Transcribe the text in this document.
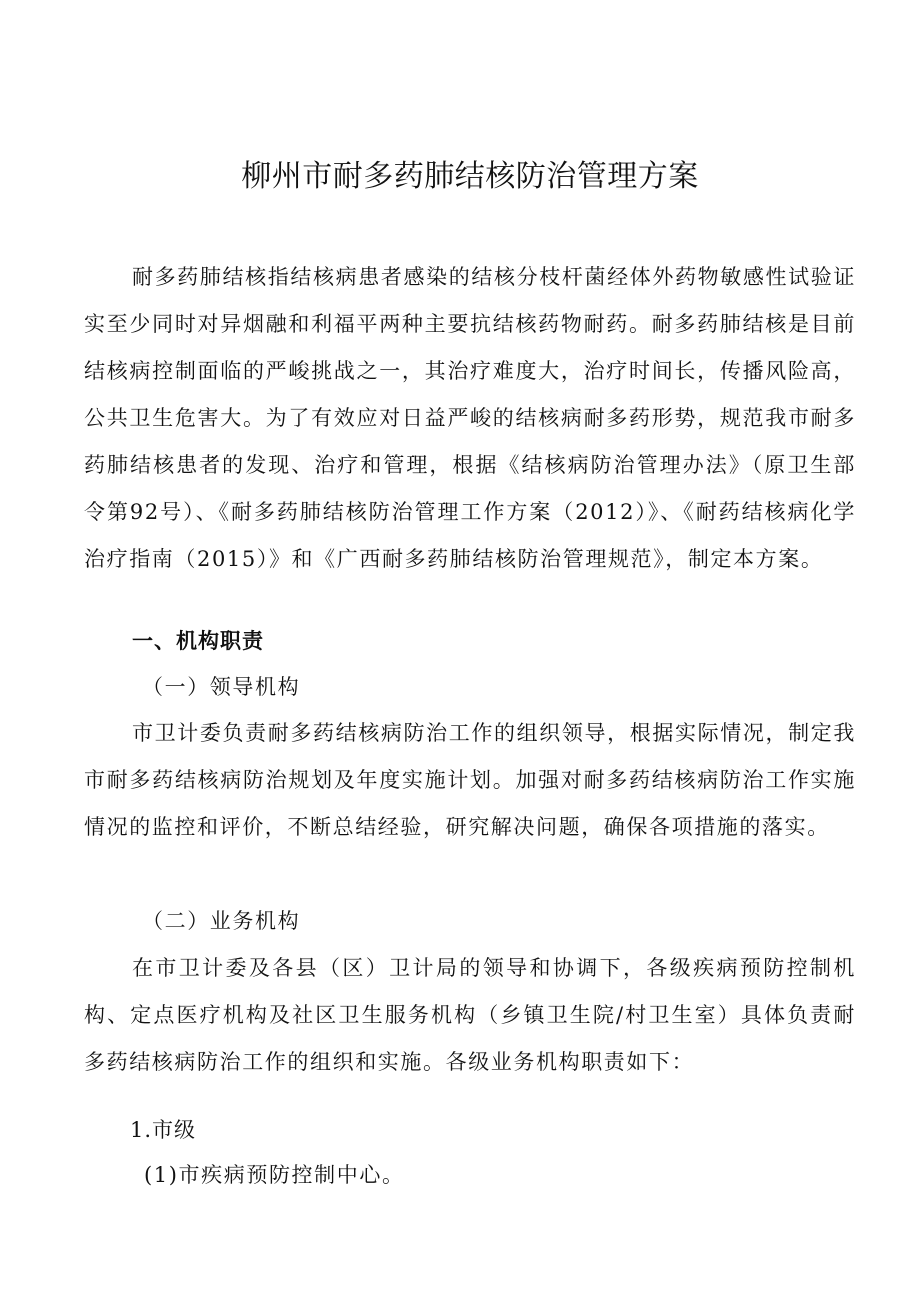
柳州市耐多药肺结核防治管理方案

耐多药肺结核指结核病患者感染的结核分枝杆菌经体外药物敏感性试验证实至少同时对异烟融和利福平两种主要抗结核药物耐药。耐多药肺结核是目前结核病控制面临的严峻挑战之一，其治疗难度大，治疗时间长，传播风险高，公共卫生危害大。为了有效应对日益严峻的结核病耐多药形势，规范我市耐多药肺结核患者的发现、治疗和管理，根据《结核病防治管理办法》（原卫生部令第92号）、《耐多药肺结核防治管理工作方案（2012）》、《耐药结核病化学治疗指南（2015）》和《广西耐多药肺结核防治管理规范》，制定本方案。

一、机构职责

（一）领导机构

市卫计委负责耐多药结核病防治工作的组织领导，根据实际情况，制定我市耐多药结核病防治规划及年度实施计划。加强对耐多药结核病防治工作实施情况的监控和评价，不断总结经验，研究解决问题，确保各项措施的落实。

（二）业务机构

在市卫计委及各县（区）卫计局的领导和协调下，各级疾病预防控制机构、定点医疗机构及社区卫生服务机构（乡镇卫生院/村卫生室）具体负责耐多药结核病防治工作的组织和实施。各级业务机构职责如下：

1.市级

(1)市疾病预防控制中心。
